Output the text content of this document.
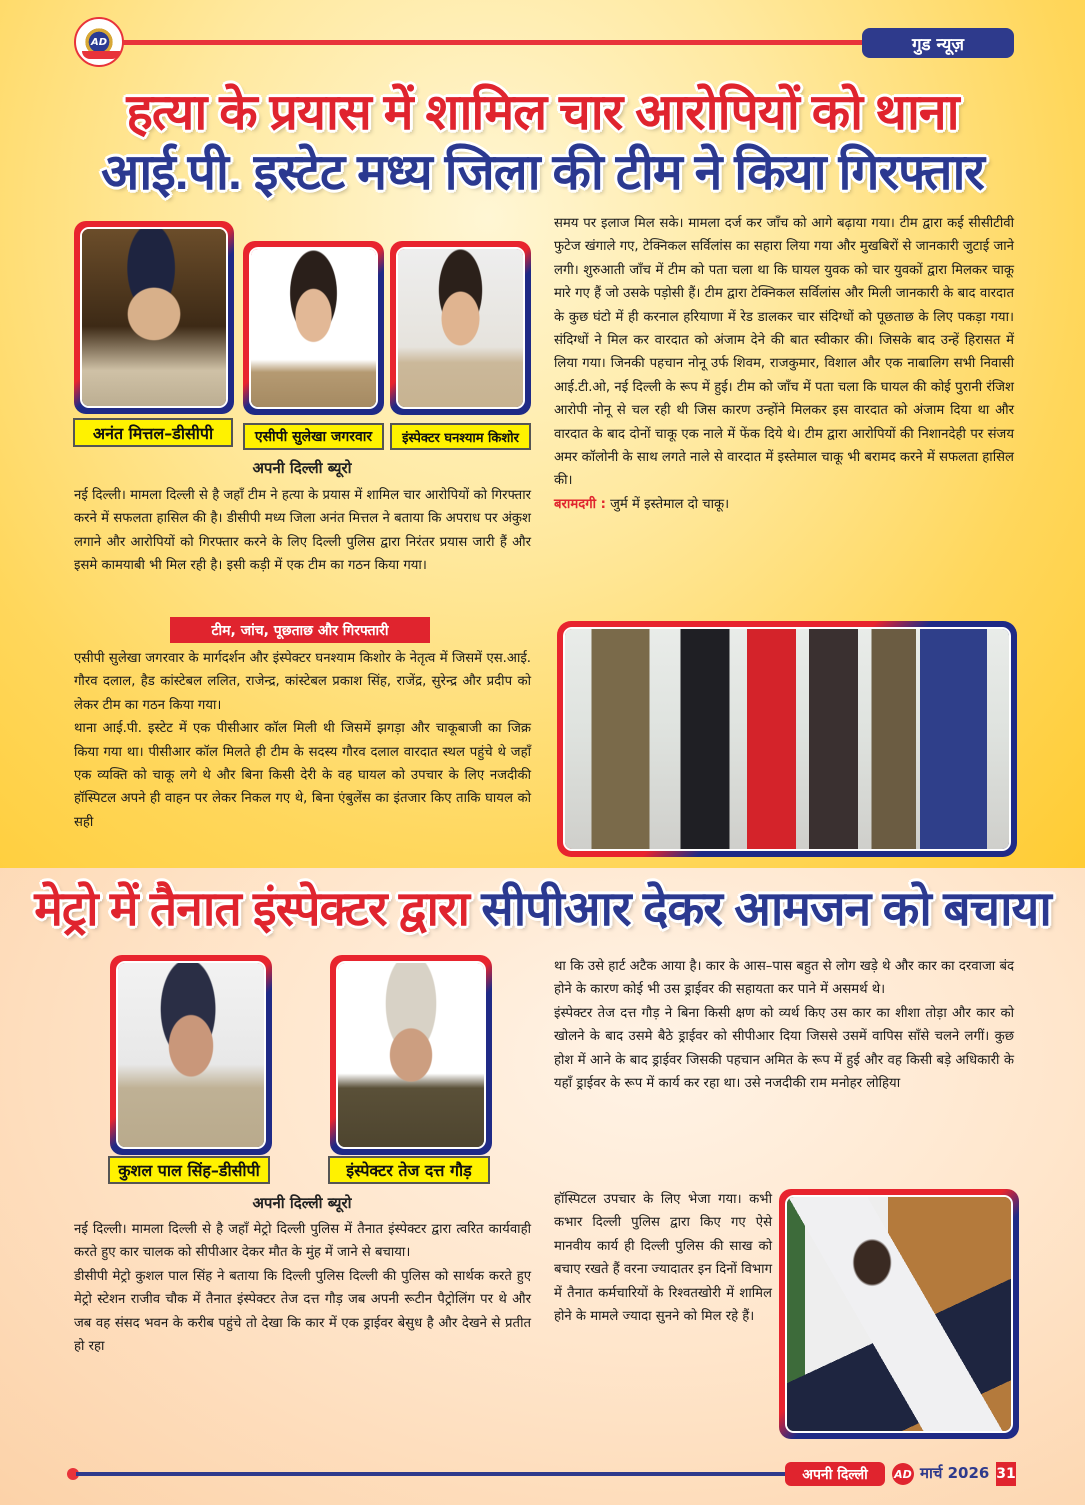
AD	गुड न्यूज़
हत्या के प्रयास में शामिल चार आरोपियों को थाना
आई.पी. इस्टेट मध्य जिला की टीम ने किया गिरफ्तार
अनंत मित्तल–डीसीपी	एसीपी सुलेखा जगरवार	इंस्पेक्टर घनश्याम किशोर
अपनी दिल्ली ब्यूरो

नई दिल्ली। मामला दिल्ली से है जहाँ टीम ने हत्या के प्रयास में शामिल चार आरोपियों को गिरफ्तार करने में सफलता हासिल की है। डीसीपी मध्य जिला अनंत मित्तल ने बताया कि अपराध पर अंकुश लगाने और आरोपियों को गिरफ्तार करने के लिए दिल्ली पुलिस द्वारा निरंतर प्रयास जारी हैं और इसमे कामयाबी भी मिल रही है। इसी कड़ी में एक टीम का गठन किया गया।

टीम, जांच, पूछताछ और गिरफ्तारी

एसीपी सुलेखा जगरवार के मार्गदर्शन और इंस्पेक्टर घनश्याम किशोर के नेतृत्व में जिसमें एस.आई. गौरव दलाल, हैड कांस्टेबल ललित, राजेन्द्र, कांस्टेबल प्रकाश सिंह, राजेंद्र, सुरेन्द्र और प्रदीप को लेकर टीम का गठन किया गया।

थाना आई.पी. इस्टेट में एक पीसीआर कॉल मिली थी जिसमें झगड़ा और चाकूबाजी का जिक्र किया गया था। पीसीआर कॉल मिलते ही टीम के सदस्य गौरव दलाल वारदात स्थल पहुंचे थे जहाँ एक व्यक्ति को चाकू लगे थे और बिना किसी देरी के वह घायल को उपचार के लिए नजदीकी हॉस्पिटल अपने ही वाहन पर लेकर निकल गए थे, बिना एंबुलेंस का इंतजार किए ताकि घायल को सही

समय पर इलाज मिल सके। मामला दर्ज कर जाँच को आगे बढ़ाया गया। टीम द्वारा कई सीसीटीवी फुटेज खंगाले गए, टेक्निकल सर्विलांस का सहारा लिया गया और मुखबिरों से जानकारी जुटाई जाने लगी। शुरुआती जाँच में टीम को पता चला था कि घायल युवक को चार युवकों द्वारा मिलकर चाकू मारे गए हैं जो उसके पड़ोसी हैं। टीम द्वारा टेक्निकल सर्विलांस और मिली जानकारी के बाद वारदात के कुछ घंटो में ही करनाल हरियाणा में रेड डालकर चार संदिग्धों को पूछताछ के लिए पकड़ा गया। संदिग्धों ने मिल कर वारदात को अंजाम देने की बात स्वीकार की। जिसके बाद उन्हें हिरासत में लिया गया। जिनकी पहचान नोनू उर्फ शिवम, राजकुमार, विशाल और एक नाबालिग सभी निवासी आई.टी.ओ, नई दिल्ली के रूप में हुई। टीम को जाँच में पता चला कि घायल की कोई पुरानी रंजिश आरोपी नोनू से चल रही थी जिस कारण उन्होंने मिलकर इस वारदात को अंजाम दिया था और वारदात के बाद दोनों चाकू एक नाले में फेंक दिये थे। टीम द्वारा आरोपियों की निशानदेही पर संजय अमर कॉलोनी के साथ लगते नाले से वारदात में इस्तेमाल चाकू भी बरामद करने में सफलता हासिल की।

बरामदगी : जुर्म में इस्तेमाल दो चाकू।

मेट्रो में तैनात इंस्पेक्टर द्वारा सीपीआर देकर आमजन को बचाया
कुशल पाल सिंह–डीसीपी	इंस्पेक्टर तेज दत्त गौड़
अपनी दिल्ली ब्यूरो

नई दिल्ली। मामला दिल्ली से है जहाँ मेट्रो दिल्ली पुलिस में तैनात इंस्पेक्टर द्वारा त्वरित कार्यवाही करते हुए कार चालक को सीपीआर देकर मौत के मुंह में जाने से बचाया।

डीसीपी मेट्रो कुशल पाल सिंह ने बताया कि दिल्ली पुलिस दिल्ली की पुलिस को सार्थक करते हुए मेट्रो स्टेशन राजीव चौक में तैनात इंस्पेक्टर तेज दत्त गौड़ जब अपनी रूटीन पैट्रोलिंग पर थे और जब वह संसद भवन के करीब पहुंचे तो देखा कि कार में एक ड्राईवर बेसुध है और देखने से प्रतीत हो रहा

था कि उसे हार्ट अटैक आया है। कार के आस–पास बहुत से लोग खड़े थे और कार का दरवाजा बंद होने के कारण कोई भी उस ड्राईवर की सहायता कर पाने में असमर्थ थे।

इंस्पेक्टर तेज दत्त गौड़ ने बिना किसी क्षण को व्यर्थ किए उस कार का शीशा तोड़ा और कार को खोलने के बाद उसमे बैठे ड्राईवर को सीपीआर दिया जिससे उसमें वापिस साँसे चलने लगीं। कुछ होश में आने के बाद ड्राईवर जिसकी पहचान अमित के रूप में हुई और वह किसी बड़े अधिकारी के यहाँ ड्राईवर के रूप में कार्य कर रहा था। उसे नजदीकी राम मनोहर लोहिया

हॉस्पिटल उपचार के लिए भेजा गया। कभी कभार दिल्ली पुलिस द्वारा किए गए ऐसे मानवीय कार्य ही दिल्ली पुलिस की साख को बचाए रखते हैं वरना ज्यादातर इन दिनों विभाग में तैनात कर्मचारियों के रिश्वतखोरी में शामिल होने के मामले ज्यादा सुनने को मिल रहे हैं।

अपनी दिल्ली	AD मार्च 2026 31
